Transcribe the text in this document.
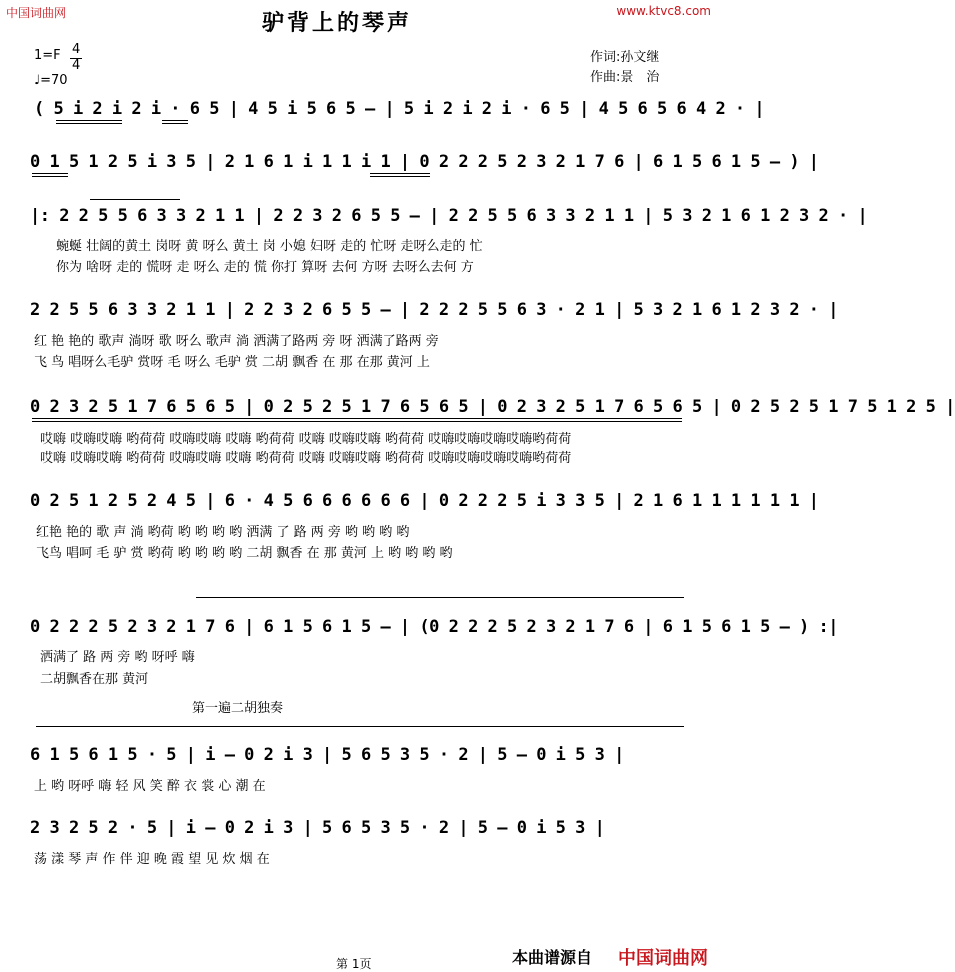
中国词曲网	www.ktvc8.com
驴背上的琴声
1=F 4
4
♩=70
作词:孙文继
作曲:景　治
( 5 i 2 i 2 i · 6 5 | 4 5 i 5 6 5 – | 5 i 2 i 2 i · 6 5 | 4 5 6 5 6 4 2 · |
0 1 5 1 2 5 i 3 5 | 2 1 6 1 i 1 1 i 1 | 0 2 2 2 5 2 3 2 1 7 6 | 6 1 5 6 1 5 – ) |
|: 2 2 5 5 6 3 3 2 1 1 | 2 2 3 2 6 5 5 – | 2 2 5 5 6 3 3 2 1 1 | 5 3 2 1 6 1 2 3 2 · |
蜿蜒 壮阔的黄土 岗呀 黄 呀么 黄土 岗 小媳 妇呀 走的 忙呀 走呀么走的 忙
你为 啥呀 走的 慌呀 走 呀么 走的 慌 你打 算呀 去何 方呀 去呀么去何 方
2 2 5 5 6 3 3 2 1 1 | 2 2 3 2 6 5 5 – | 2 2 2 5 5 6 3 · 2 1 | 5 3 2 1 6 1 2 3 2 · |
红 艳 艳的 歌声 淌呀 歌 呀么 歌声 淌 洒满了路两 旁 呀 洒满了路两 旁
飞 鸟 唱呀么毛驴 赏呀 毛 呀么 毛驴 赏 二胡 飘香 在 那 在那 黄河 上
0 2 3 2 5 1 7 6 5 6 5 | 0 2 5 2 5 1 7 6 5 6 5 | 0 2 3 2 5 1 7 6 5 6 5 | 0 2 5 2 5 1 7 5 1 2 5 |
哎嗨 哎嗨哎嗨 哟荷荷 哎嗨哎嗨 哎嗨 哟荷荷 哎嗨 哎嗨哎嗨 哟荷荷 哎嗨哎嗨哎嗨哎嗨哟荷荷
哎嗨 哎嗨哎嗨 哟荷荷 哎嗨哎嗨 哎嗨 哟荷荷 哎嗨 哎嗨哎嗨 哟荷荷 哎嗨哎嗨哎嗨哎嗨哟荷荷
0 2 5 1 2 5 2 4 5 | 6 · 4 5 6 6 6 6 6 6 | 0 2 2 2 5 i 3 3 5 | 2 1 6 1 1 1 1 1 1 |
红艳 艳的 歌 声 淌 哟荷 哟 哟 哟 哟 洒满 了 路 两 旁 哟 哟 哟 哟
飞鸟 唱呵 毛 驴 赏 哟荷 哟 哟 哟 哟 二胡 飘香 在 那 黄河 上 哟 哟 哟 哟
0 2 2 2 5 2 3 2 1 7 6 | 6 1 5 6 1 5 – | (0 2 2 2 5 2 3 2 1 7 6 | 6 1 5 6 1 5 – ) :|
洒满了 路 两 旁 哟 呀呼 嗨
二胡飘香在那 黄河
第一遍二胡独奏
6 1 5 6 1 5 · 5 | i – 0 2 i 3 | 5 6 5 3 5 · 2 | 5 – 0 i 5 3 |
上 哟 呀呼 嗨 轻 风 笑 醉 衣 裳 心 潮 在
2 3 2 5 2 · 5 | i – 0 2 i 3 | 5 6 5 3 5 · 2 | 5 – 0 i 5 3 |
荡 漾 琴 声 作 伴 迎 晚 霞 望 见 炊 烟 在
第 1页	本曲谱源自 中国词曲网
